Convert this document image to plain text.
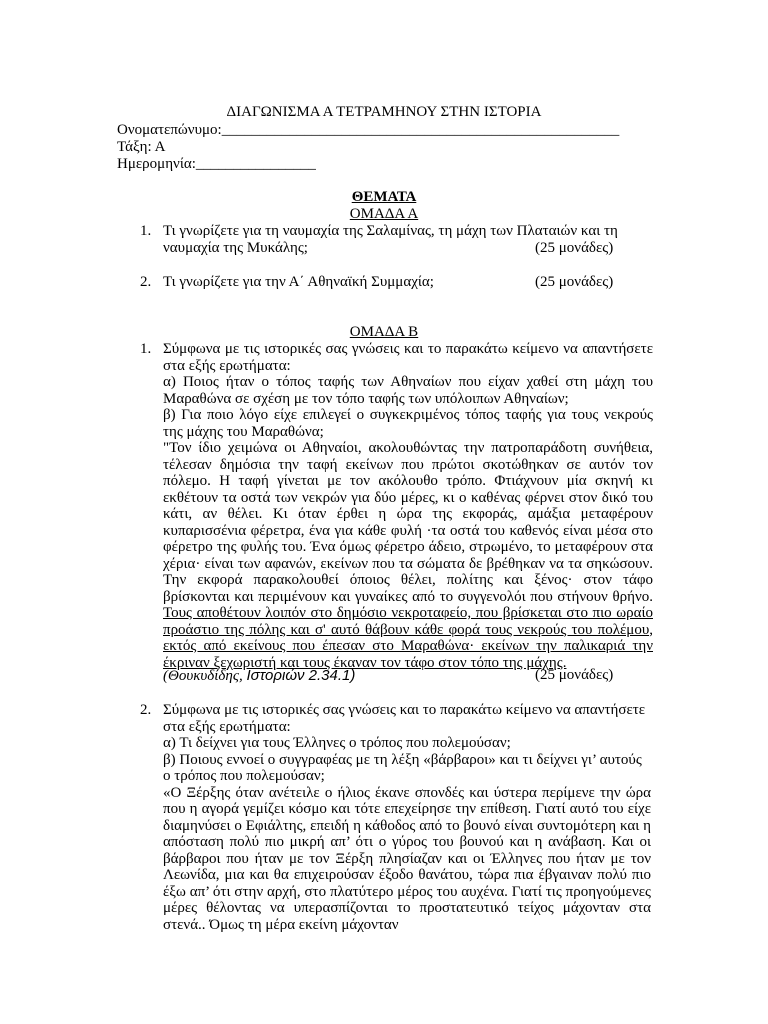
ΔΙΑΓΩΝΙΣΜΑ Α ΤΕΤΡΑΜΗΝΟΥ ΣΤΗΝ ΙΣΤΟΡΙΑ
Ονοματεπώνυμο:_____________________________________________________
Τάξη: Α
Ημερομηνία:________________
ΘΕΜΑΤΑ
ΟΜΑΔΑ Α
1. Τι γνωρίζετε για τη ναυμαχία της Σαλαμίνας, τη μάχη των Πλαταιών και τη
ναυμαχία της Μυκάλης;	(25 μονάδες)
2. Τι γνωρίζετε για την Α΄ Αθηναϊκή Συμμαχία;	(25 μονάδες)
ΟΜΑΔΑ Β
1. Σύμφωνα με τις ιστορικές σας γνώσεις και το παρακάτω κείμενο να απαντήσετε στα εξής ερωτήματα:

α) Ποιος ήταν ο τόπος ταφής των Αθηναίων που είχαν χαθεί στη μάχη του Μαραθώνα σε σχέση με τον τόπο ταφής των υπόλοιπων Αθηναίων;

β) Για ποιο λόγο είχε επιλεγεί ο συγκεκριμένος τόπος ταφής για τους νεκρούς της μάχης του Μαραθώνα;

"Τον ίδιο χειμώνα οι Αθηναίοι, ακολουθώντας την πατροπαράδοτη συνήθεια, τέλεσαν δημόσια την ταφή εκείνων που πρώτοι σκοτώθηκαν σε αυτόν τον πόλεμο. Η ταφή γίνεται με τον ακόλουθο τρόπο. Φτιάχνουν μία σκηνή κι εκθέτουν τα οστά των νεκρών για δύο μέρες, κι ο καθένας φέρνει στον δικό του κάτι, αν θέλει. Κι όταν έρθει η ώρα της εκφοράς, αμάξια μεταφέρουν κυπαρισσένια φέρετρα, ένα για κάθε φυλή ·τα οστά του καθενός είναι μέσα στο φέρετρο της φυλής του. Ένα όμως φέρετρο άδειο, στρωμένο, το μεταφέρουν στα χέρια· είναι των αφανών, εκείνων που τα σώματα δε βρέθηκαν να τα σηκώσουν. Την εκφορά παρακολουθεί όποιος θέλει, πολίτης και ξένος· στον τάφο βρίσκονται και περιμένουν και γυναίκες από το συγγενολόι που στήνουν θρήνο. Τους αποθέτουν λοιπόν στο δημόσιο νεκροταφείο, που βρίσκεται στο πιο ωραίο προάστιο της πόλης και σ' αυτό θάβουν κάθε φορά τους νεκρούς του πολέμου, εκτός από εκείνους που έπεσαν στο Μαραθώνα· εκείνων την παλικαριά την έκριναν ξεχωριστή και τους έκαναν τον τάφο στον τόπο της μάχης.

(Θουκυδίδης, Ιστοριών 2.34.1)	(25 μονάδες)
2. Σύμφωνα με τις ιστορικές σας γνώσεις και το παρακάτω κείμενο να απαντήσετε στα εξής ερωτήματα:

α) Τι δείχνει για τους Έλληνες ο τρόπος που πολεμούσαν;

β) Ποιους εννοεί ο συγγραφέας με τη λέξη «βάρβαροι» και τι δείχνει γι’ αυτούς ο τρόπος που πολεμούσαν;

«Ο Ξέρξης όταν ανέτειλε ο ήλιος έκανε σπονδές και ύστερα περίμενε την ώρα που η αγορά γεμίζει κόσμο και τότε επεχείρησε την επίθεση. Γιατί αυτό του είχε διαμηνύσει ο Εφιάλτης, επειδή η κάθοδος από το βουνό είναι συντομότερη και η απόσταση πολύ πιο μικρή απ’ ότι ο γύρος του βουνού και η ανάβαση. Και οι βάρβαροι που ήταν με τον Ξέρξη πλησίαζαν και οι Έλληνες που ήταν με τον Λεωνίδα, μια και θα επιχειρούσαν έξοδο θανάτου, τώρα πια έβγαιναν πολύ πιο έξω απ’ ότι στην αρχή, στο πλατύτερο μέρος του αυχένα. Γιατί τις προηγούμενες μέρες θέλοντας να υπερασπίζονται το προστατευτικό τείχος μάχονταν στα στενά.. Όμως τη μέρα εκείνη μάχονταν
